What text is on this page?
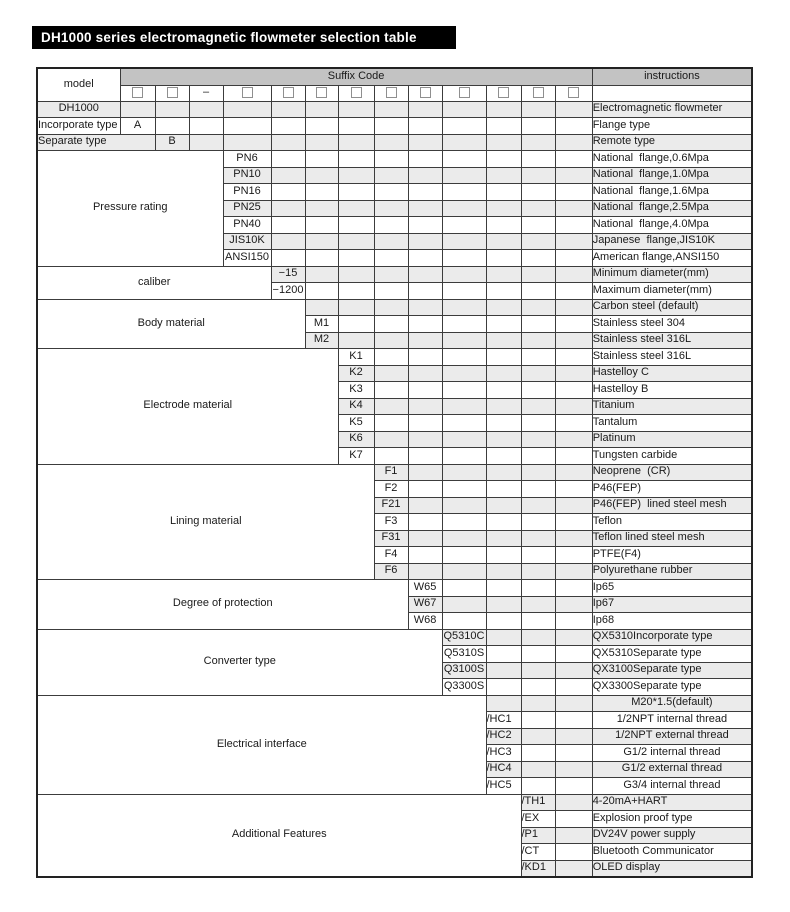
DH1000 series electromagnetic flowmeter selection table
model	Suffix Code													instructions
			–											
DH1000														Electromagnetic flowmeter
Incorporate type	A													Flange type
Separate type		B												Remote type
Pressure rating				PN6										National  flange,0.6Mpa
				PN10										National  flange,1.0Mpa
				PN16										National  flange,1.6Mpa
				PN25										National  flange,2.5Mpa
				PN40										National  flange,4.0Mpa
				JIS10K										Japanese  flange,JIS10K
				ANSI150										American flange,ANSI150
caliber					−15									Minimum diameter(mm)
					−1200									Maximum diameter(mm)
Body material														Carbon steel (default)
						M1								Stainless steel 304
						M2								Stainless steel 316L
Electrode material							K1							Stainless steel 316L
							K2							Hastelloy C
							K3							Hastelloy B
							K4							Titanium
							K5							Tantalum
							K6							Platinum
							K7							Tungsten carbide
Lining material								F1						Neoprene  (CR)
								F2						P46(FEP)
								F21						P46(FEP)  lined steel mesh
								F3						Teflon
								F31						Teflon lined steel mesh
								F4						PTFE(F4)
								F6						Polyurethane rubber
Degree of protection									W65					Ip65
									W67					Ip67
									W68					Ip68
Converter type										Q5310C				QX5310Incorporate type
										Q5310S				QX5310Separate type
										Q3100S				QX3100Separate type
										Q3300S				QX3300Separate type
Electrical interface														M20*1.5(default)
											/HC1			1/2NPT internal thread
											/HC2			1/2NPT external thread
											/HC3			G1/2 internal thread
											/HC4			G1/2 external thread
											/HC5			G3/4 internal thread
Additional Features												/TH1		4-20mA+HART
												/EX		Explosion proof type
												/P1		DV24V power supply
												/CT		Bluetooth Communicator
												/KD1		OLED display
